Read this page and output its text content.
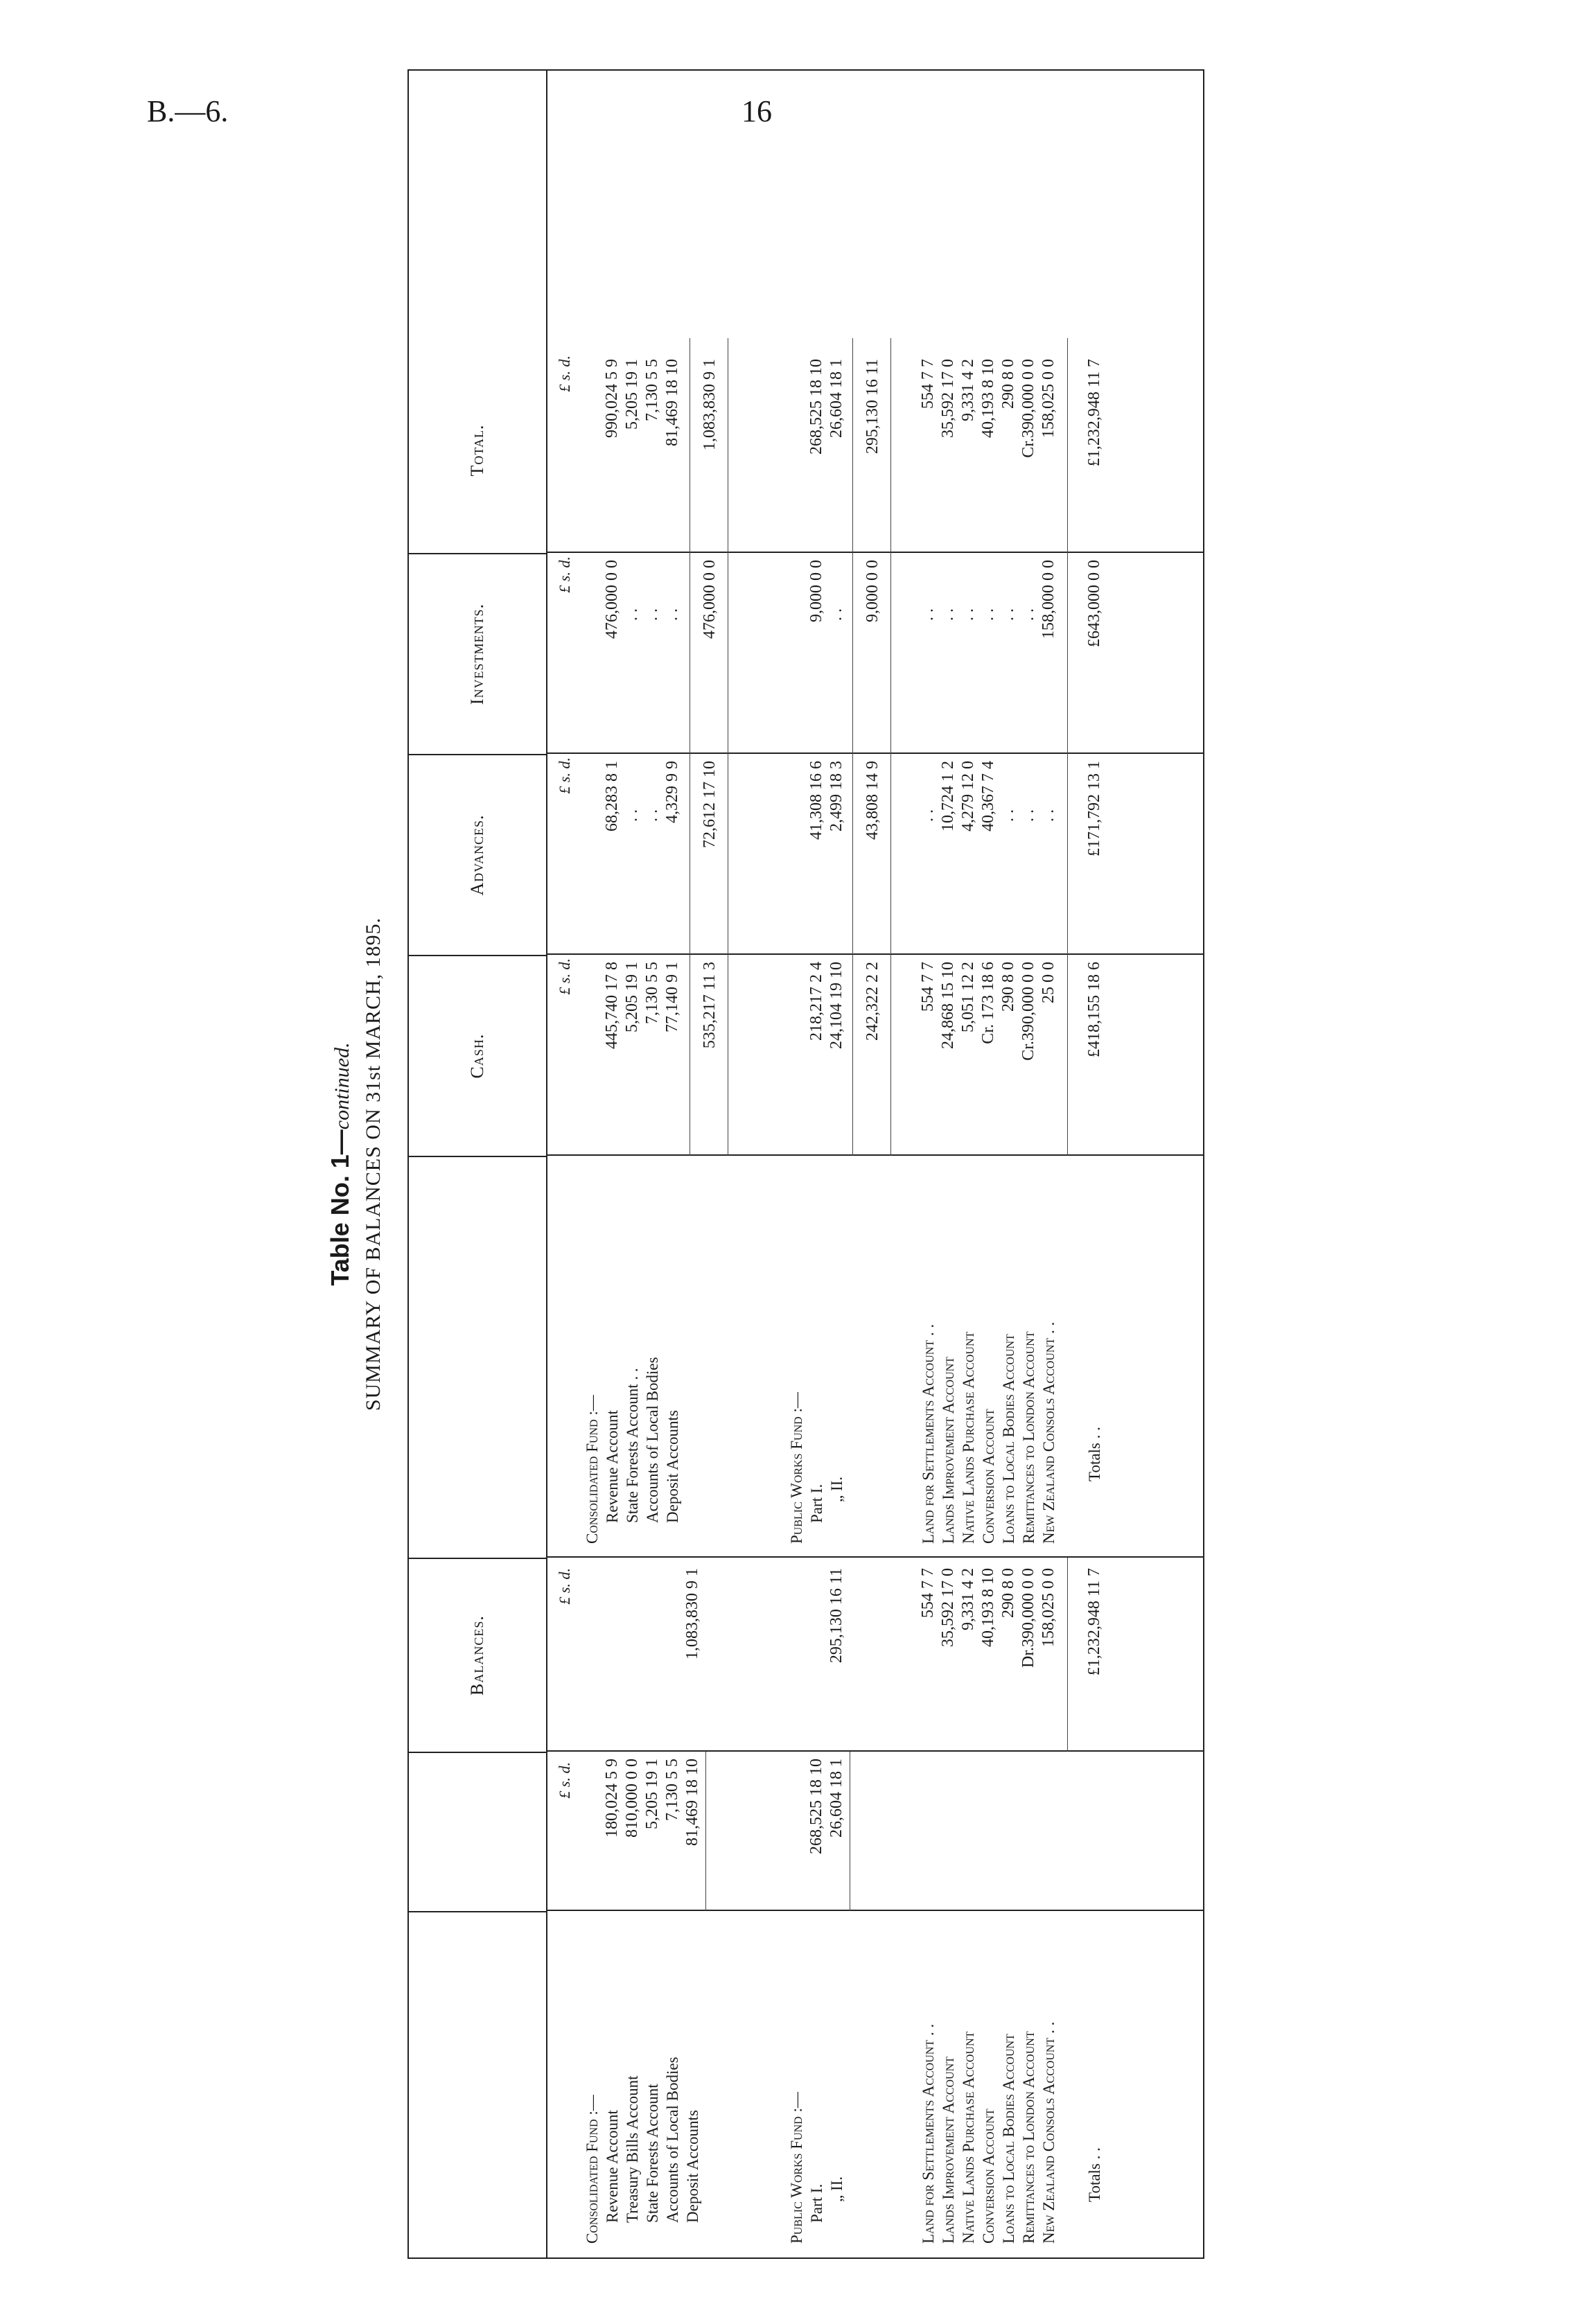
B.—6.	16
Table No. 1—continued. SUMMARY OF BALANCES ON 31st MARCH, 1895.
Balances.
Cash.
Advances.
Investments.
Total.
£ s. d.
£ s. d.
£ s. d.
£ s. d.
£ s. d.
£ s. d.
Consolidated Fund :— Revenue Account Treasury Bills Account State Forests Account Accounts of Local Bodies Deposit Accounts
180,024 5 9 810,000 0 0 5,205 19 1 7,130 5 5 81,469 18 10
1,083,830 9 1
Public Works Fund :— Part I. „ II.
268,525 18 10 26,604 18 1
295,130 16 11
Land for Settlements Account . . Lands Improvement Account Native Lands Purchase Account Conversion Account Loans to Local Bodies Account Remittances to London Account New Zealand Consols Account . .
554 7 7 35,592 17 0 9,331 4 2 40,193 8 10 290 8 0 Dr.390,000 0 0 158,025 0 0
Totals . .
£1,232,948 11 7
Consolidated Fund :— Revenue Account State Forests Account . . Accounts of Local Bodies Deposit Accounts
445,740 17 8 5,205 19 1 7,130 5 5 77,140 9 1
68,283 8 1 . . . . 4,329 9 9
476,000 0 0 . . . . . .
990,024 5 9 5,205 19 1 7,130 5 5 81,469 18 10
535,217 11 3
72,612 17 10
476,000 0 0
1,083,830 9 1
Public Works Fund :— Part I. „ II.
218,217 2 4 24,104 19 10
41,308 16 6 2,499 18 3
9,000 0 0 . .
268,525 18 10 26,604 18 1
242,322 2 2
43,808 14 9
9,000 0 0
295,130 16 11
Land for Settlements Account . . Lands Improvement Account Native Lands Purchase Account Conversion Account Loans to Local Bodies Account Remittances to London Account New Zealand Consols Account . .
554 7 7 24,868 15 10 5,051 12 2 Cr. 173 18 6 290 8 0 Cr.390,000 0 0 25 0 0
. . 10,724 1 2 4,279 12 0 40,367 7 4 . . . . . .
. . . . . . . . . . . . 158,000 0 0
554 7 7 35,592 17 0 9,331 4 2 40,193 8 10 290 8 0 Cr.390,000 0 0 158,025 0 0
Totals . .
£418,155 18 6
£171,792 13 1
£643,000 0 0
£1,232,948 11 7
